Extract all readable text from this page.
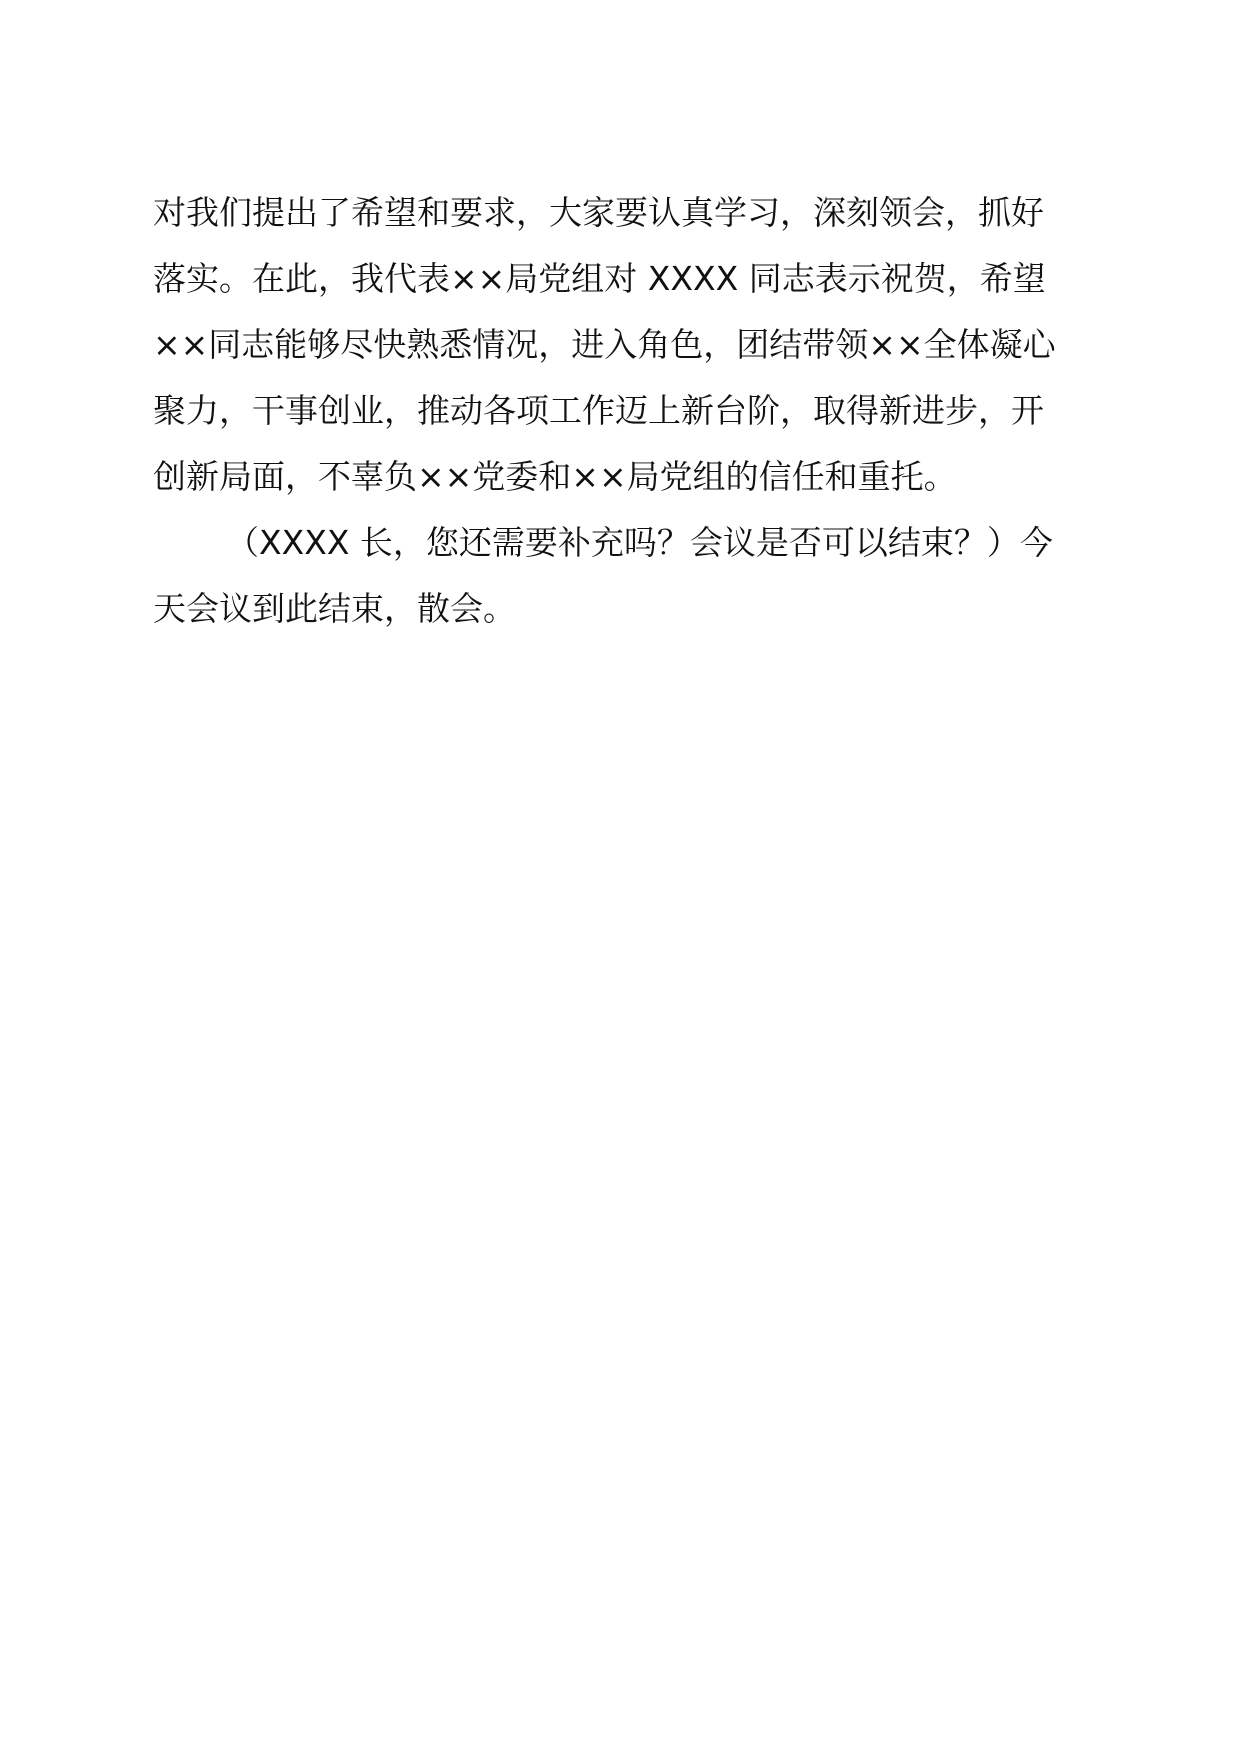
对我们提出了希望和要求，大家要认真学习，深刻领会，抓好
落实。在此，我代表××局党组对 XXXX 同志表示祝贺，希望
××同志能够尽快熟悉情况，进入角色，团结带领××全体凝心
聚力，干事创业，推动各项工作迈上新台阶，取得新进步，开
创新局面，不辜负××党委和××局党组的信任和重托。
（XXXX 长，您还需要补充吗？会议是否可以结束？）今
天会议到此结束，散会。
